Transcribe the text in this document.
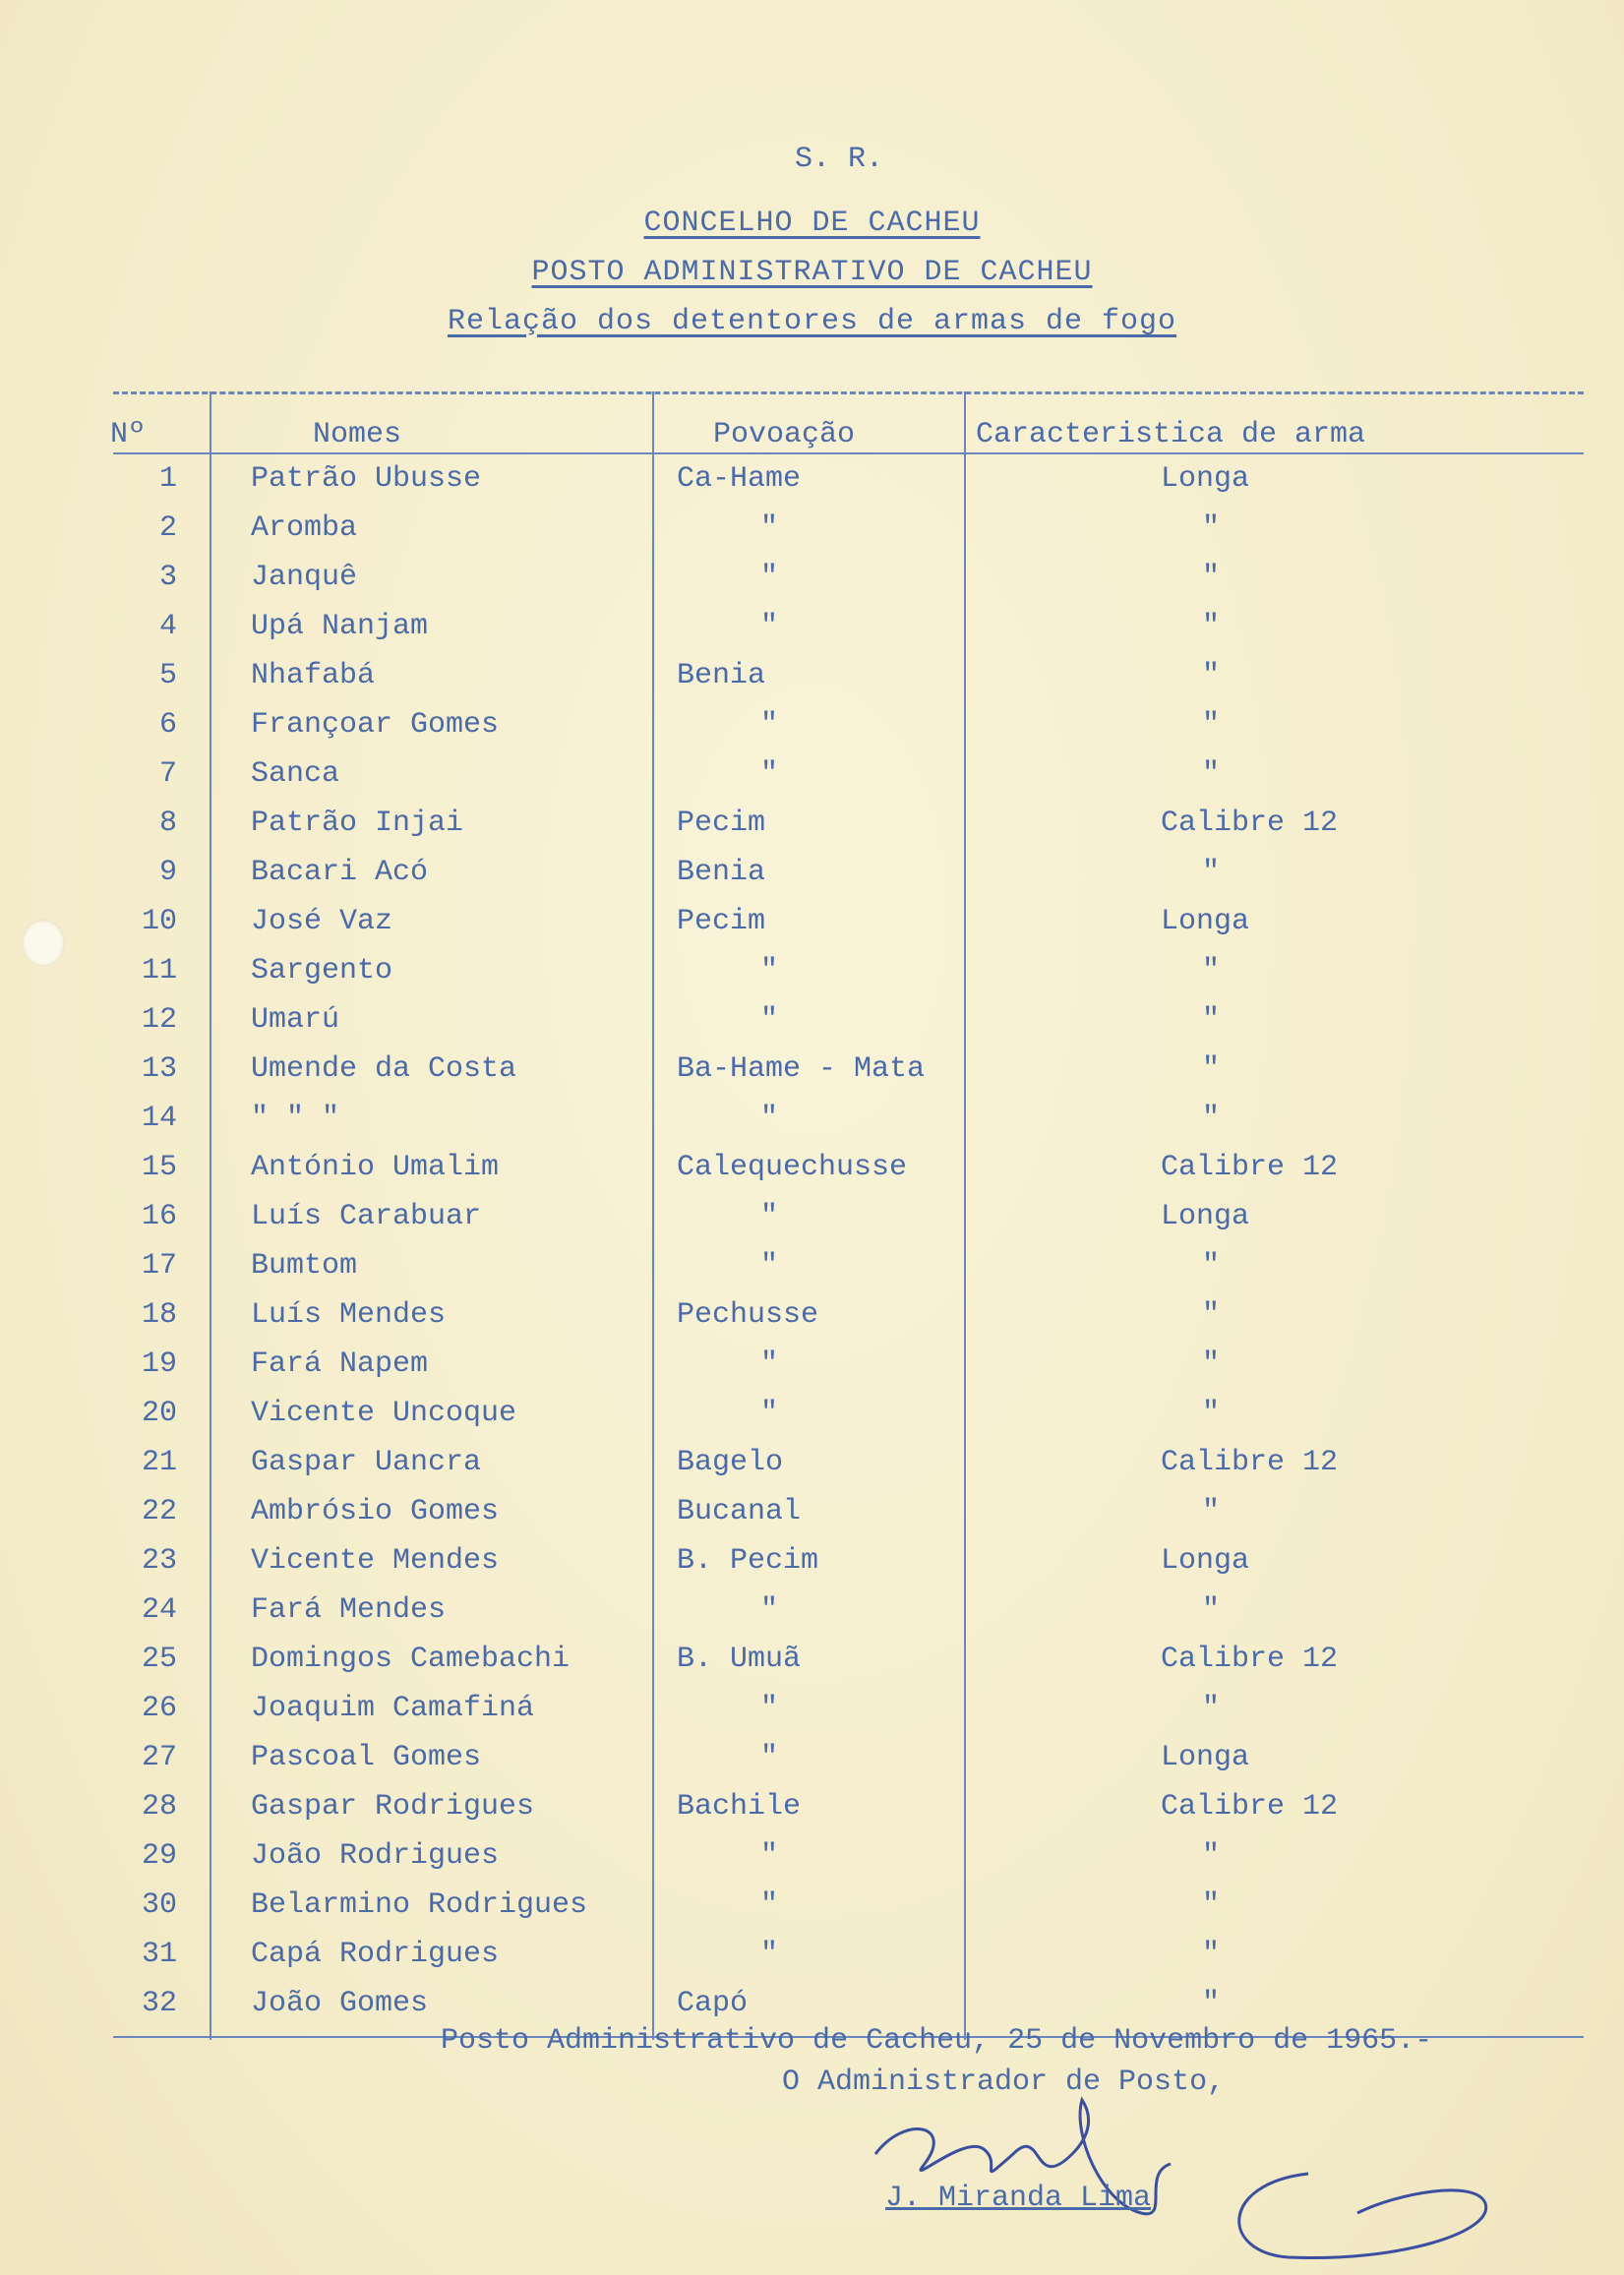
S. R.
CONCELHO DE CACHEU
POSTO ADMINISTRATIVO DE CACHEU
Relação dos detentores de armas de fogo
Nº	Nomes	Povoação	Caracteristica de arma
1	Patrão Ubusse	Ca-Hame	Longa
2	Aromba	"	"
3	Janquê	"	"
4	Upá Nanjam	"	"
5	Nhafabá	Benia	"
6	Françoar Gomes	"	"
7	Sanca	"	"
8	Patrão Injai	Pecim	Calibre 12
9	Bacari Acó	Benia	"
10	José Vaz	Pecim	Longa
11	Sargento	"	"
12	Umarú	"	"
13	Umende da Costa	Ba-Hame - Mata	"
14	" " "	"	"
15	António Umalim	Calequechusse	Calibre 12
16	Luís Carabuar	"	Longa
17	Bumtom	"	"
18	Luís Mendes	Pechusse	"
19	Fará Napem	"	"
20	Vicente Uncoque	"	"
21	Gaspar Uancra	Bagelo	Calibre 12
22	Ambrósio Gomes	Bucanal	"
23	Vicente Mendes	B. Pecim	Longa
24	Fará Mendes	"	"
25	Domingos Camebachi	B. Umuã	Calibre 12
26	Joaquim Camafiná	"	"
27	Pascoal Gomes	"	Longa
28	Gaspar Rodrigues	Bachile	Calibre 12
29	João Rodrigues	"	"
30	Belarmino Rodrigues	"	"
31	Capá Rodrigues	"	"
32	João Gomes	Capó	"
Posto Administrativo de Cacheu, 25 de Novembro de 1965.-
O Administrador de Posto,
J. Miranda Lima
